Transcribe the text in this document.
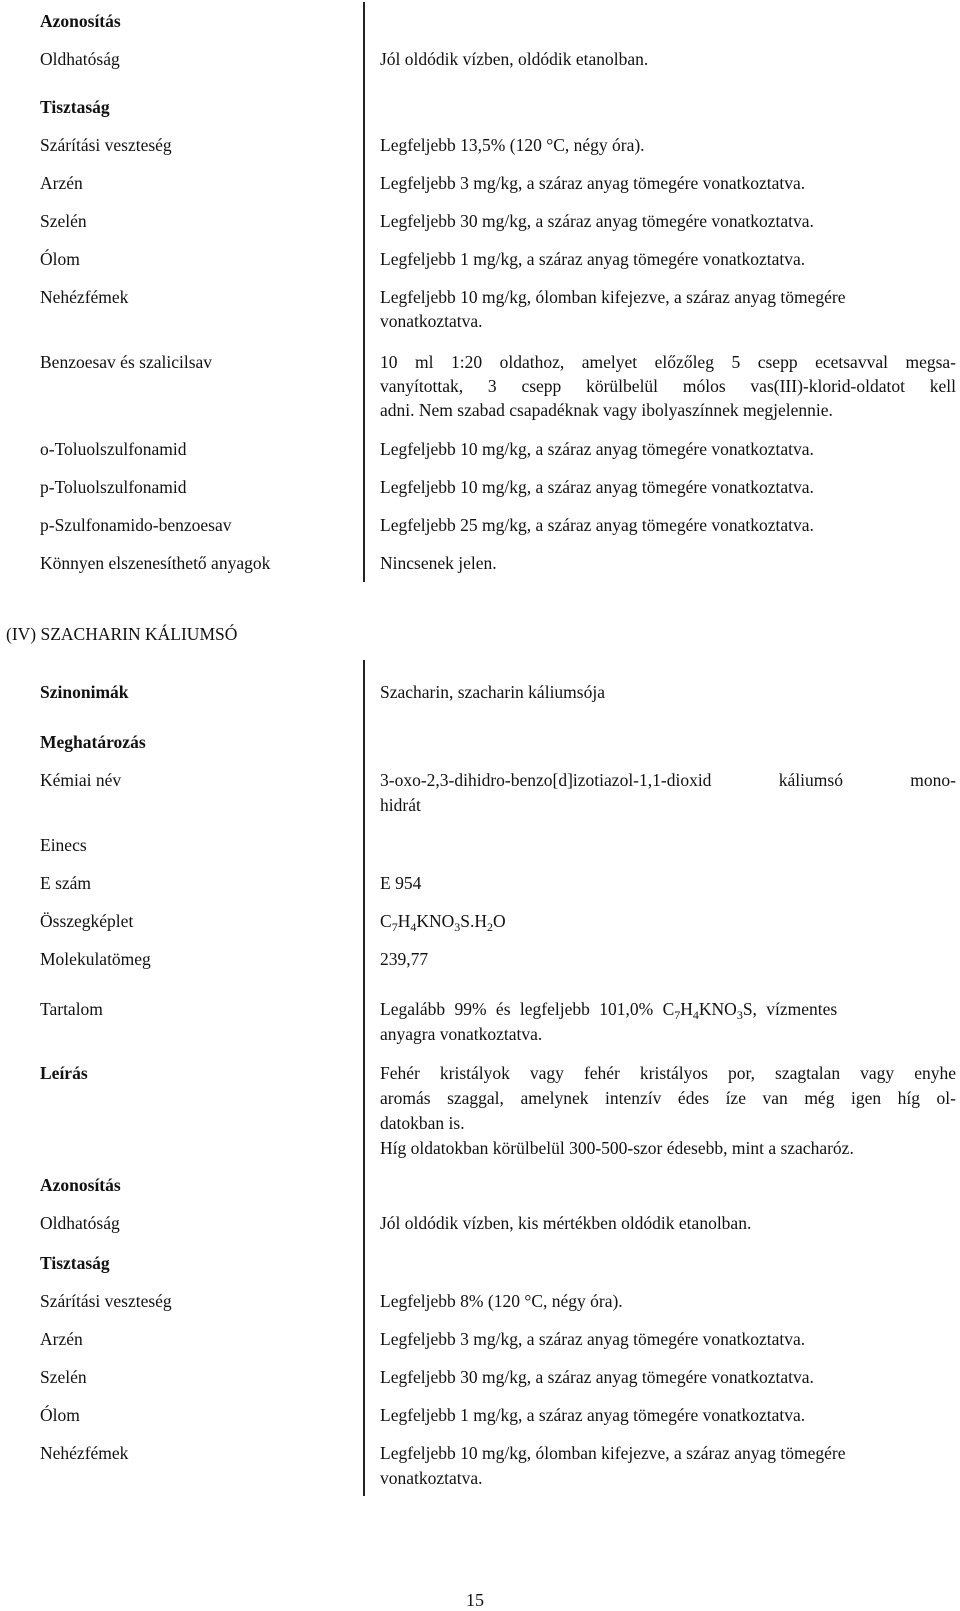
Azonosítás
Oldhatóság	Jól oldódik vízben, oldódik etanolban.
Tisztaság
Szárítási veszteség	Legfeljebb 13,5% (120 °C, négy óra).
Arzén	Legfeljebb 3 mg/kg, a száraz anyag tömegére vonatkoztatva.
Szelén	Legfeljebb 30 mg/kg, a száraz anyag tömegére vonatkoztatva.
Ólom	Legfeljebb 1 mg/kg, a száraz anyag tömegére vonatkoztatva.
Nehézfémek	Legfeljebb 10 mg/kg, ólomban kifejezve, a száraz anyag tömegére
vonatkoztatva.
Benzoesav és szalicilsav	10 ml 1:20 oldathoz, amelyet előzőleg 5 csepp ecetsavval megsa-
vanyítottak, 3 csepp körülbelül mólos vas(III)-klorid-oldatot kell
adni. Nem szabad csapadéknak vagy ibolyaszínnek megjelennie.
o-Toluolszulfonamid	Legfeljebb 10 mg/kg, a száraz anyag tömegére vonatkoztatva.
p-Toluolszulfonamid	Legfeljebb 10 mg/kg, a száraz anyag tömegére vonatkoztatva.
p-Szulfonamido-benzoesav	Legfeljebb 25 mg/kg, a száraz anyag tömegére vonatkoztatva.
Könnyen elszenesíthető anyagok	Nincsenek jelen.
(IV) SZACHARIN KÁLIUMSÓ
Szinonimák	Szacharin, szacharin káliumsója
Meghatározás
Kémiai név	3-oxo-2,3-dihidro-benzo[d]izotiazol-1,1-dioxid káliumsó mono-
hidrát
Einecs
E szám	E 954
Összegképlet	$C_7H_4KNO_3S.H_2O$
Molekulatömeg	239,77
Tartalom	Legalább 99% és legfeljebb 101,0% $C_7H_4KNO_3S$, vízmentes
anyagra vonatkoztatva.
Leírás	Fehér kristályok vagy fehér kristályos por, szagtalan vagy enyhe
aromás szaggal, amelynek intenzív édes íze van még igen híg ol-
datokban is.
Híg oldatokban körülbelül 300-500-szor édesebb, mint a szacharóz.
Azonosítás
Oldhatóság	Jól oldódik vízben, kis mértékben oldódik etanolban.
Tisztaság
Szárítási veszteség	Legfeljebb 8% (120 °C, négy óra).
Arzén	Legfeljebb 3 mg/kg, a száraz anyag tömegére vonatkoztatva.
Szelén	Legfeljebb 30 mg/kg, a száraz anyag tömegére vonatkoztatva.
Ólom	Legfeljebb 1 mg/kg, a száraz anyag tömegére vonatkoztatva.
Nehézfémek	Legfeljebb 10 mg/kg, ólomban kifejezve, a száraz anyag tömegére
vonatkoztatva.
15
